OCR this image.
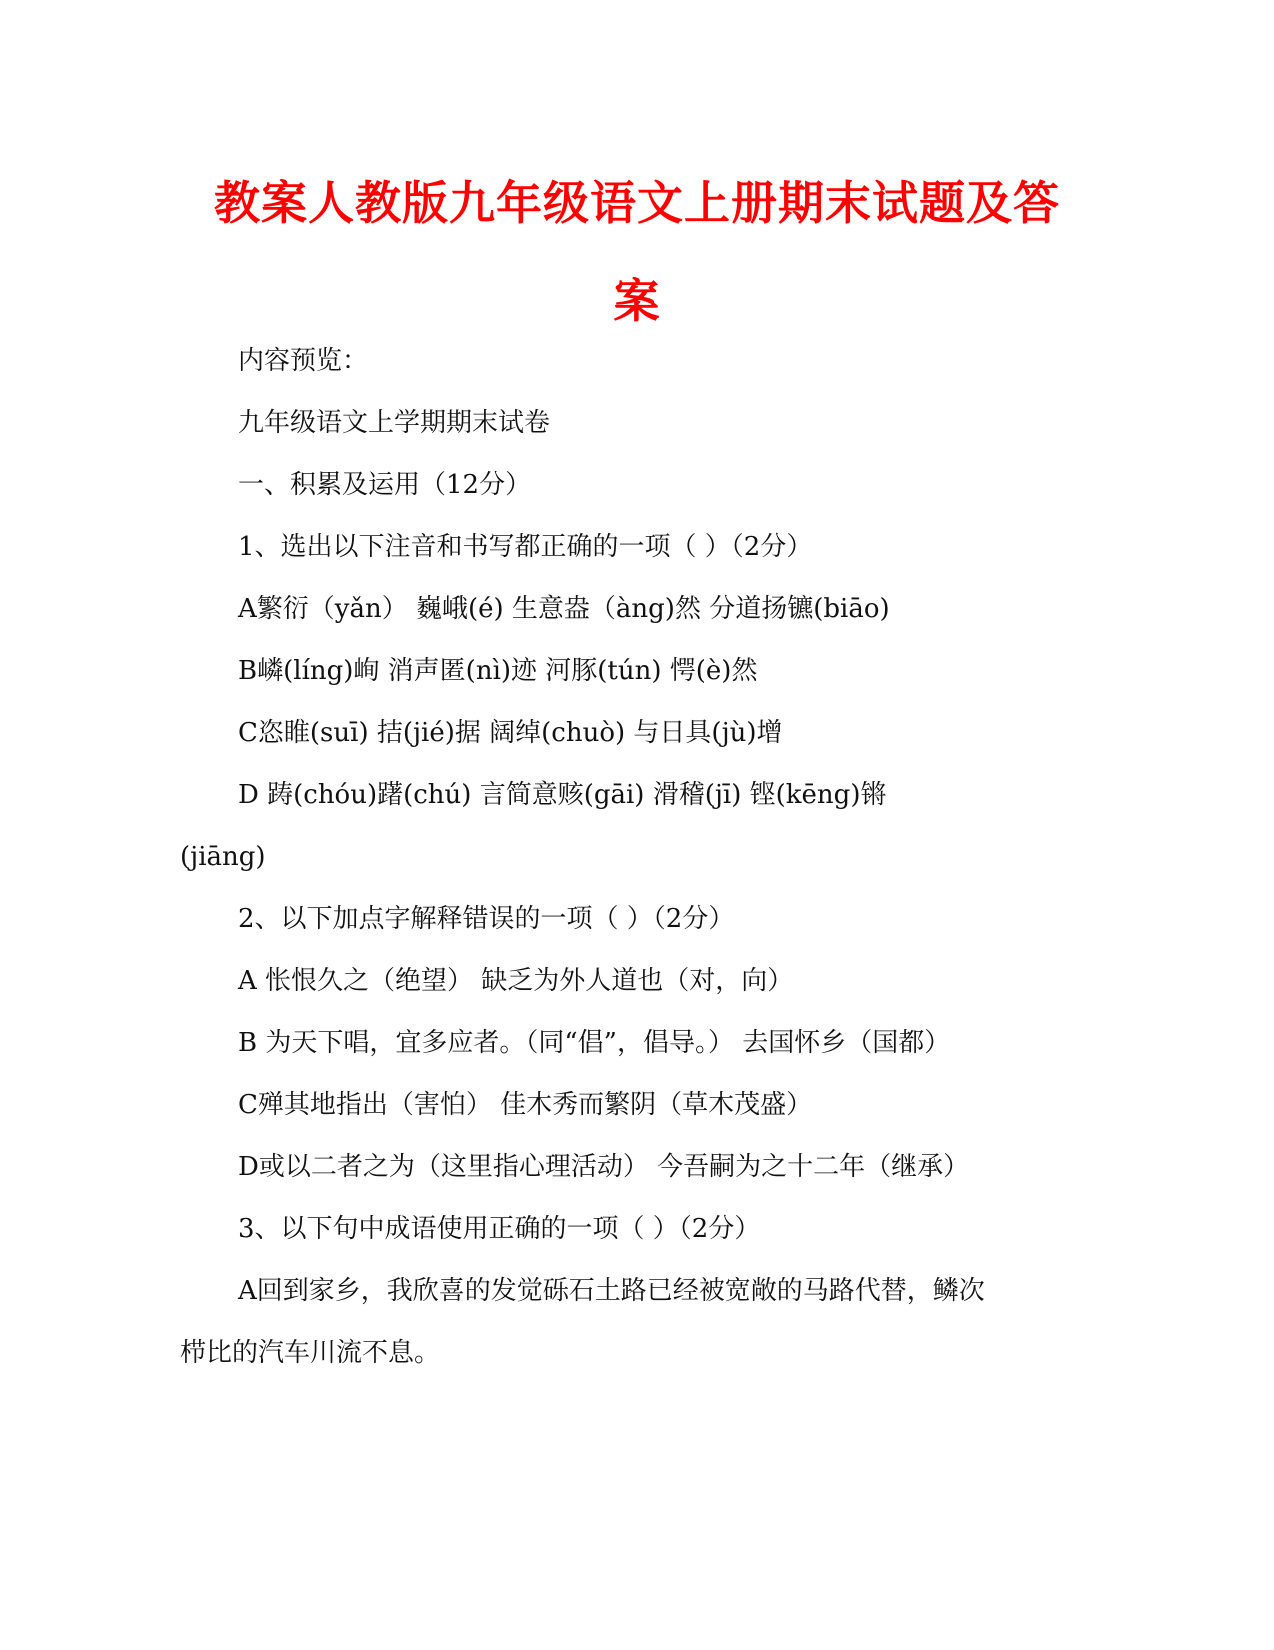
教案人教版九年级语文上册期末试题及答
案

内容预览：

九年级语文上学期期末试卷

一、积累及运用（12分）

1、选出以下注音和书写都正确的一项（ ）（2分）

A繁衍（yǎn） 巍峨(é) 生意盎（àng)然 分道扬镳(biāo)

B嶙(líng)峋 消声匿(nì)迹 河豚(tún) 愕(è)然

C恣睢(suī) 拮(jié)据 阔绰(chuò) 与日具(jù)增

D 踌(chóu)躇(chú) 言简意赅(gāi) 滑稽(jī) 铿(kēng)锵

(jiāng)

2、以下加点字解释错误的一项（ ）（2分）

A 怅恨久之（绝望） 缺乏为外人道也（对，向）

B 为天下唱，宜多应者。（同“倡”，倡导。） 去国怀乡（国都）

C殚其地指出（害怕） 佳木秀而繁阴（草木茂盛）

D或以二者之为（这里指心理活动） 今吾嗣为之十二年（继承）

3、以下句中成语使用正确的一项（ ）（2分）

A回到家乡，我欣喜的发觉砾石土路已经被宽敞的马路代替，鳞次

栉比的汽车川流不息。
